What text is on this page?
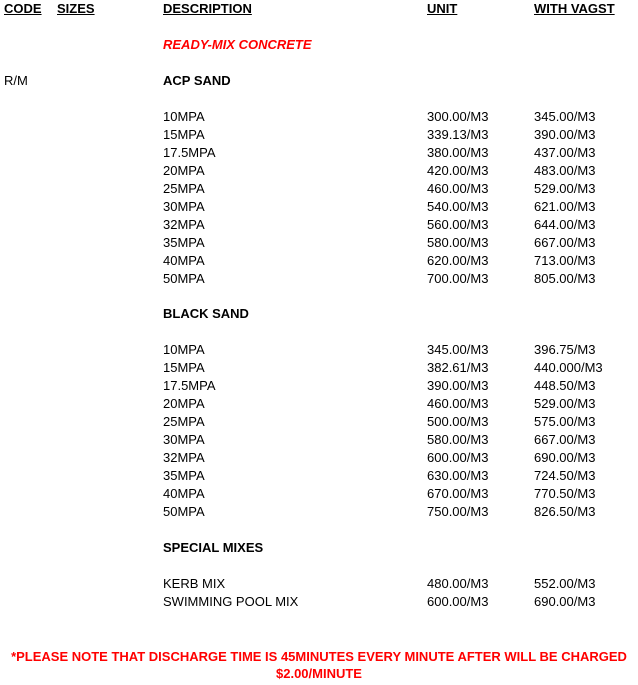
CODE SIZES	DESCRIPTION	UNIT	WITH VAGST
READY-MIX CONCRETE
R/M	ACP SAND
10MPA	300.00/M3	345.00/M3
15MPA	339.13/M3	390.00/M3
17.5MPA	380.00/M3	437.00/M3
20MPA	420.00/M3	483.00/M3
25MPA	460.00/M3	529.00/M3
30MPA	540.00/M3	621.00/M3
32MPA	560.00/M3	644.00/M3
35MPA	580.00/M3	667.00/M3
40MPA	620.00/M3	713.00/M3
50MPA	700.00/M3	805.00/M3
BLACK SAND
10MPA	345.00/M3	396.75/M3
15MPA	382.61/M3	440.000/M3
17.5MPA	390.00/M3	448.50/M3
20MPA	460.00/M3	529.00/M3
25MPA	500.00/M3	575.00/M3
30MPA	580.00/M3	667.00/M3
32MPA	600.00/M3	690.00/M3
35MPA	630.00/M3	724.50/M3
40MPA	670.00/M3	770.50/M3
50MPA	750.00/M3	826.50/M3
SPECIAL MIXES
KERB MIX	480.00/M3	552.00/M3
SWIMMING POOL MIX	600.00/M3	690.00/M3
*PLEASE NOTE THAT DISCHARGE TIME IS 45MINUTES EVERY MINUTE AFTER WILL BE CHARGED
$2.00/MINUTE
